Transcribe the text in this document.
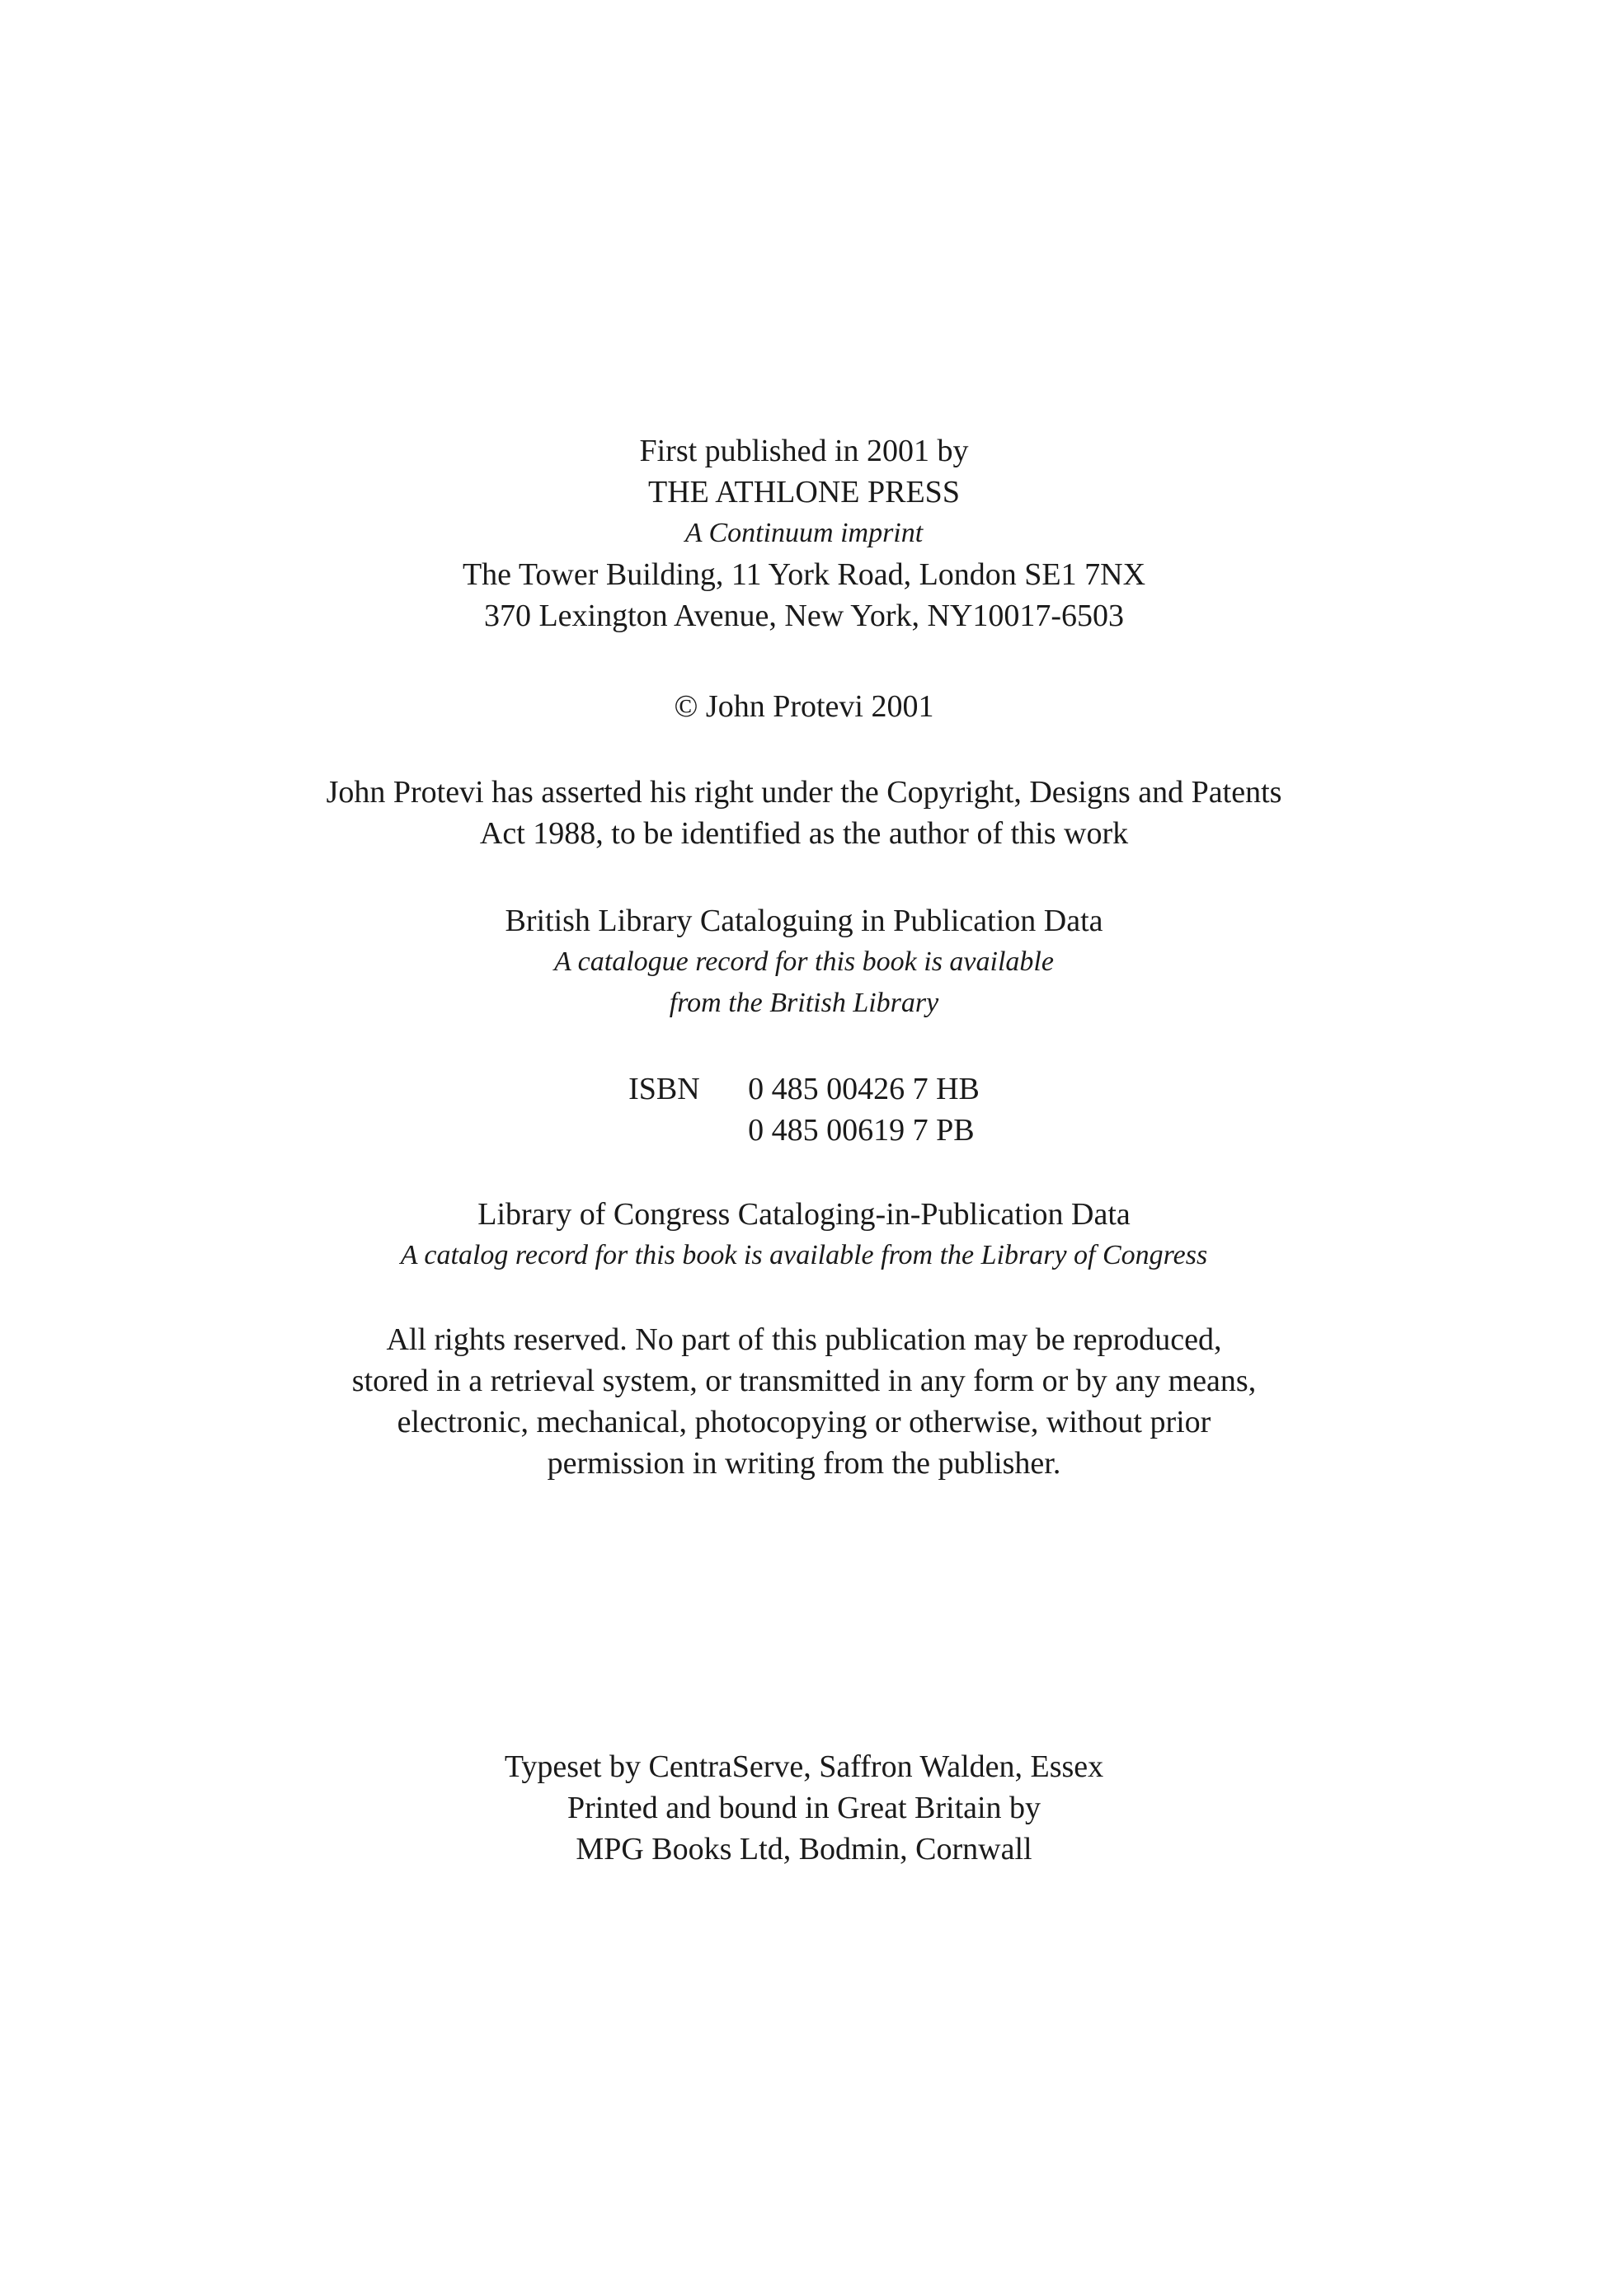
First published in 2001 by
THE ATHLONE PRESS
A Continuum imprint
The Tower Building, 11 York Road, London SE1 7NX
370 Lexington Avenue, New York, NY10017-6503
© John Protevi 2001
John Protevi has asserted his right under the Copyright, Designs and Patents
Act 1988, to be identified as the author of this work
British Library Cataloguing in Publication Data
A catalogue record for this book is available
from the British Library
ISBN 0 485 00426 7 HB
0 485 00619 7 PB
Library of Congress Cataloging-in-Publication Data
A catalog record for this book is available from the Library of Congress
All rights reserved. No part of this publication may be reproduced,
stored in a retrieval system, or transmitted in any form or by any means,
electronic, mechanical, photocopying or otherwise, without prior
permission in writing from the publisher.
Typeset by CentraServe, Saffron Walden, Essex
Printed and bound in Great Britain by
MPG Books Ltd, Bodmin, Cornwall
